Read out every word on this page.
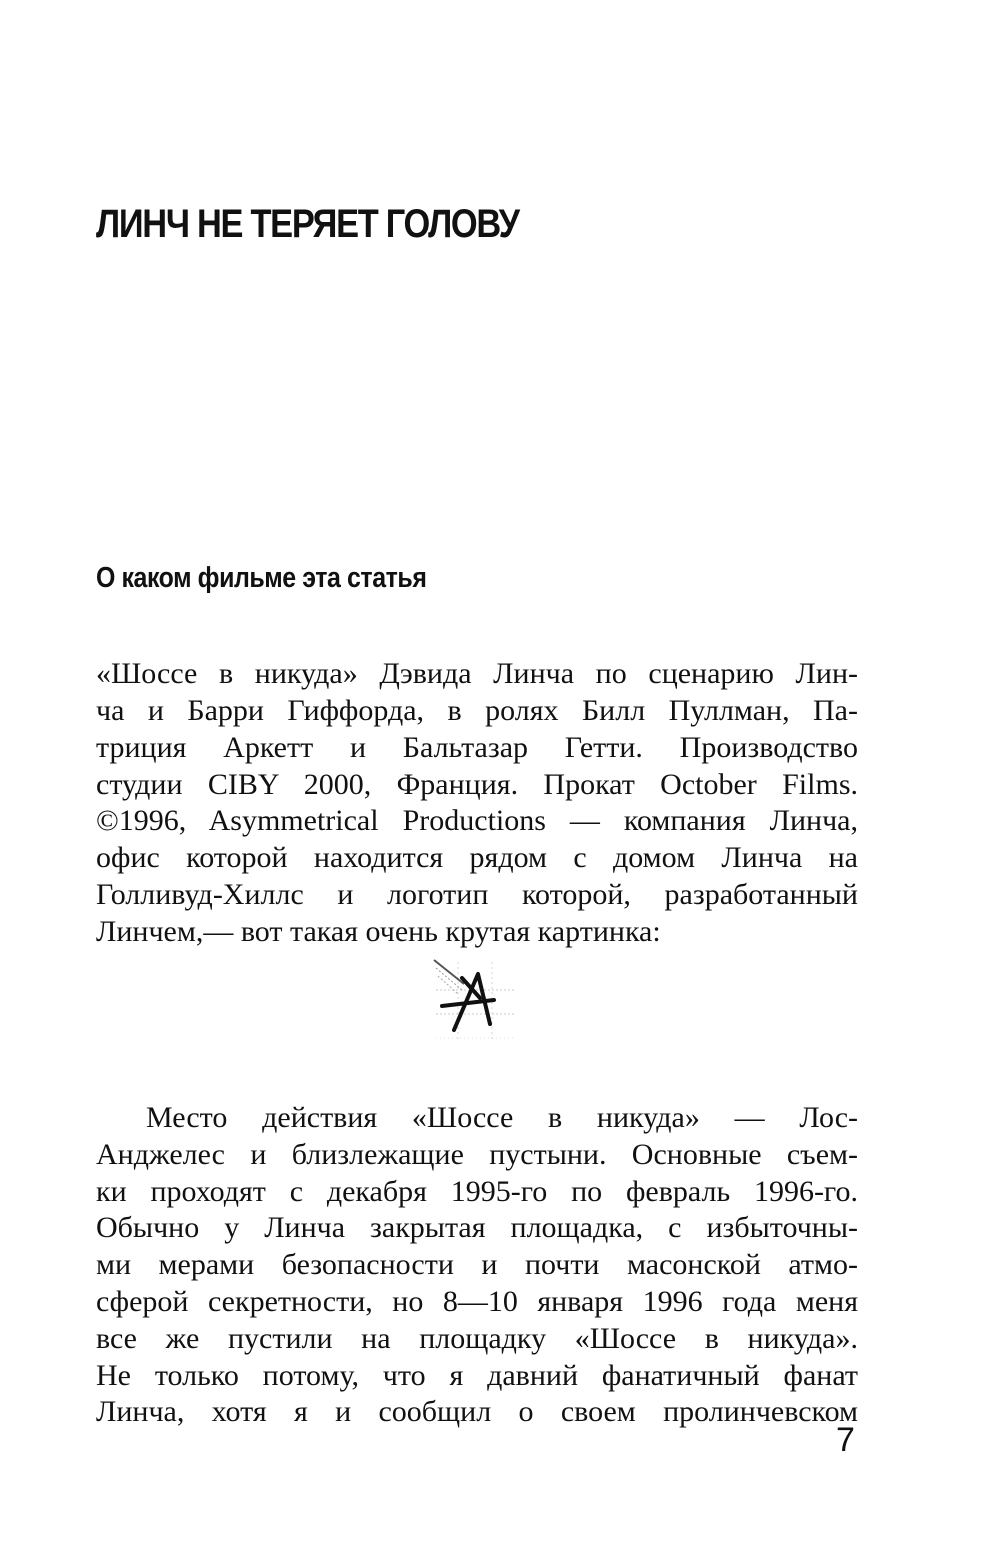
ЛИНЧ НЕ ТЕРЯЕТ ГОЛОВУ
О каком фильме эта статья
«Шоссе в никуда» Дэвида Линча по сценарию Лин-
ча и Барри Гиффорда, в ролях Билл Пуллман, Па-
триция Аркетт и Бальтазар Гетти. Производство
студии CIBY 2000, Франция. Прокат October Films.
©1996, Asymmetrical Productions — компания Линча,
офис которой находится рядом с домом Линча на
Голливуд-Хиллс и логотип которой, разработанный
Линчем,— вот такая очень крутая картинка:
Место действия «Шоссе в никуда» — Лос-
Анджелес и близлежащие пустыни. Основные съем-
ки проходят с декабря 1995-го по февраль 1996-го.
Обычно у Линча закрытая площадка, с избыточны-
ми мерами безопасности и почти масонской атмо-
сферой секретности, но 8—10 января 1996 года меня
все же пустили на площадку «Шоссе в никуда».
Не только потому, что я давний фанатичный фанат
Линча, хотя я и сообщил о своем пролинчевском
7
